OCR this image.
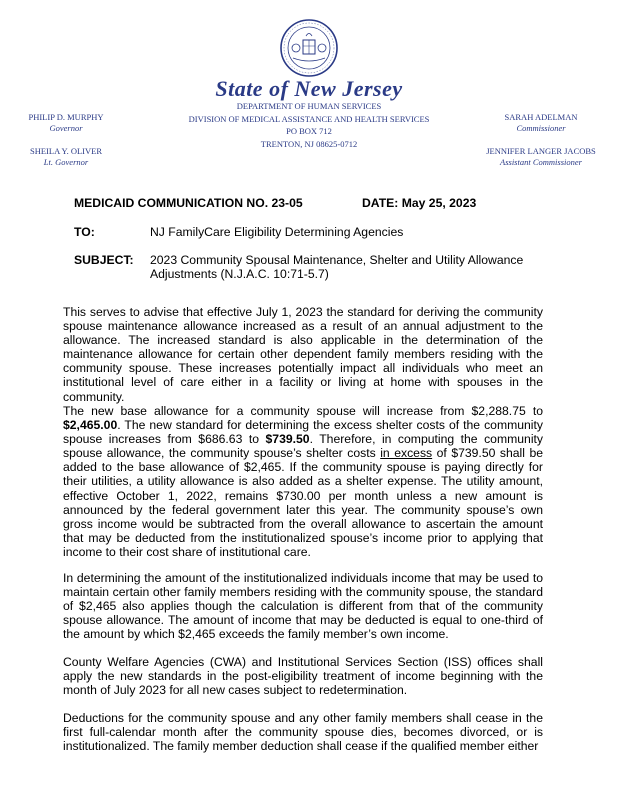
State of New Jersey
DEPARTMENT OF HUMAN SERVICES
DIVISION OF MEDICAL ASSISTANCE AND HEALTH SERVICES
PO BOX 712
TRENTON, NJ 08625-0712
PHILIP D. MURPHY
Governor
SHEILA Y. OLIVER
Lt. Governor
SARAH ADELMAN
Commissioner
JENNIFER LANGER JACOBS
Assistant Commissioner
MEDICAID COMMUNICATION NO. 23-05	DATE: May 25, 2023
TO:	NJ FamilyCare Eligibility Determining Agencies
SUBJECT: 2023 Community Spousal Maintenance, Shelter and Utility Allowance
Adjustments (N.J.A.C. 10:71-5.7)

This serves to advise that effective July 1, 2023 the standard for deriving the community spouse maintenance allowance increased as a result of an annual adjustment to the allowance. The increased standard is also applicable in the determination of the maintenance allowance for certain other dependent family members residing with the community spouse. These increases potentially impact all individuals who meet an institutional level of care either in a facility or living at home with spouses in the community.

The new base allowance for a community spouse will increase from $2,288.75 to $2,465.00. The new standard for determining the excess shelter costs of the community spouse increases from $686.63 to $739.50. Therefore, in computing the community spouse allowance, the community spouse’s shelter costs in excess of $739.50 shall be added to the base allowance of $2,465. If the community spouse is paying directly for their utilities, a utility allowance is also added as a shelter expense. The utility amount, effective October 1, 2022, remains $730.00 per month unless a new amount is announced by the federal government later this year. The community spouse’s own gross income would be subtracted from the overall allowance to ascertain the amount that may be deducted from the institutionalized spouse’s income prior to applying that income to their cost share of institutional care.

In determining the amount of the institutionalized individuals income that may be used to maintain certain other family members residing with the community spouse, the standard of $2,465 also applies though the calculation is different from that of the community spouse allowance. The amount of income that may be deducted is equal to one-third of the amount by which $2,465 exceeds the family member’s own income.

County Welfare Agencies (CWA) and Institutional Services Section (ISS) offices shall apply the new standards in the post-eligibility treatment of income beginning with the month of July 2023 for all new cases subject to redetermination.

Deductions for the community spouse and any other family members shall cease in the first full-calendar month after the community spouse dies, becomes divorced, or is institutionalized. The family member deduction shall cease if the qualified member either
